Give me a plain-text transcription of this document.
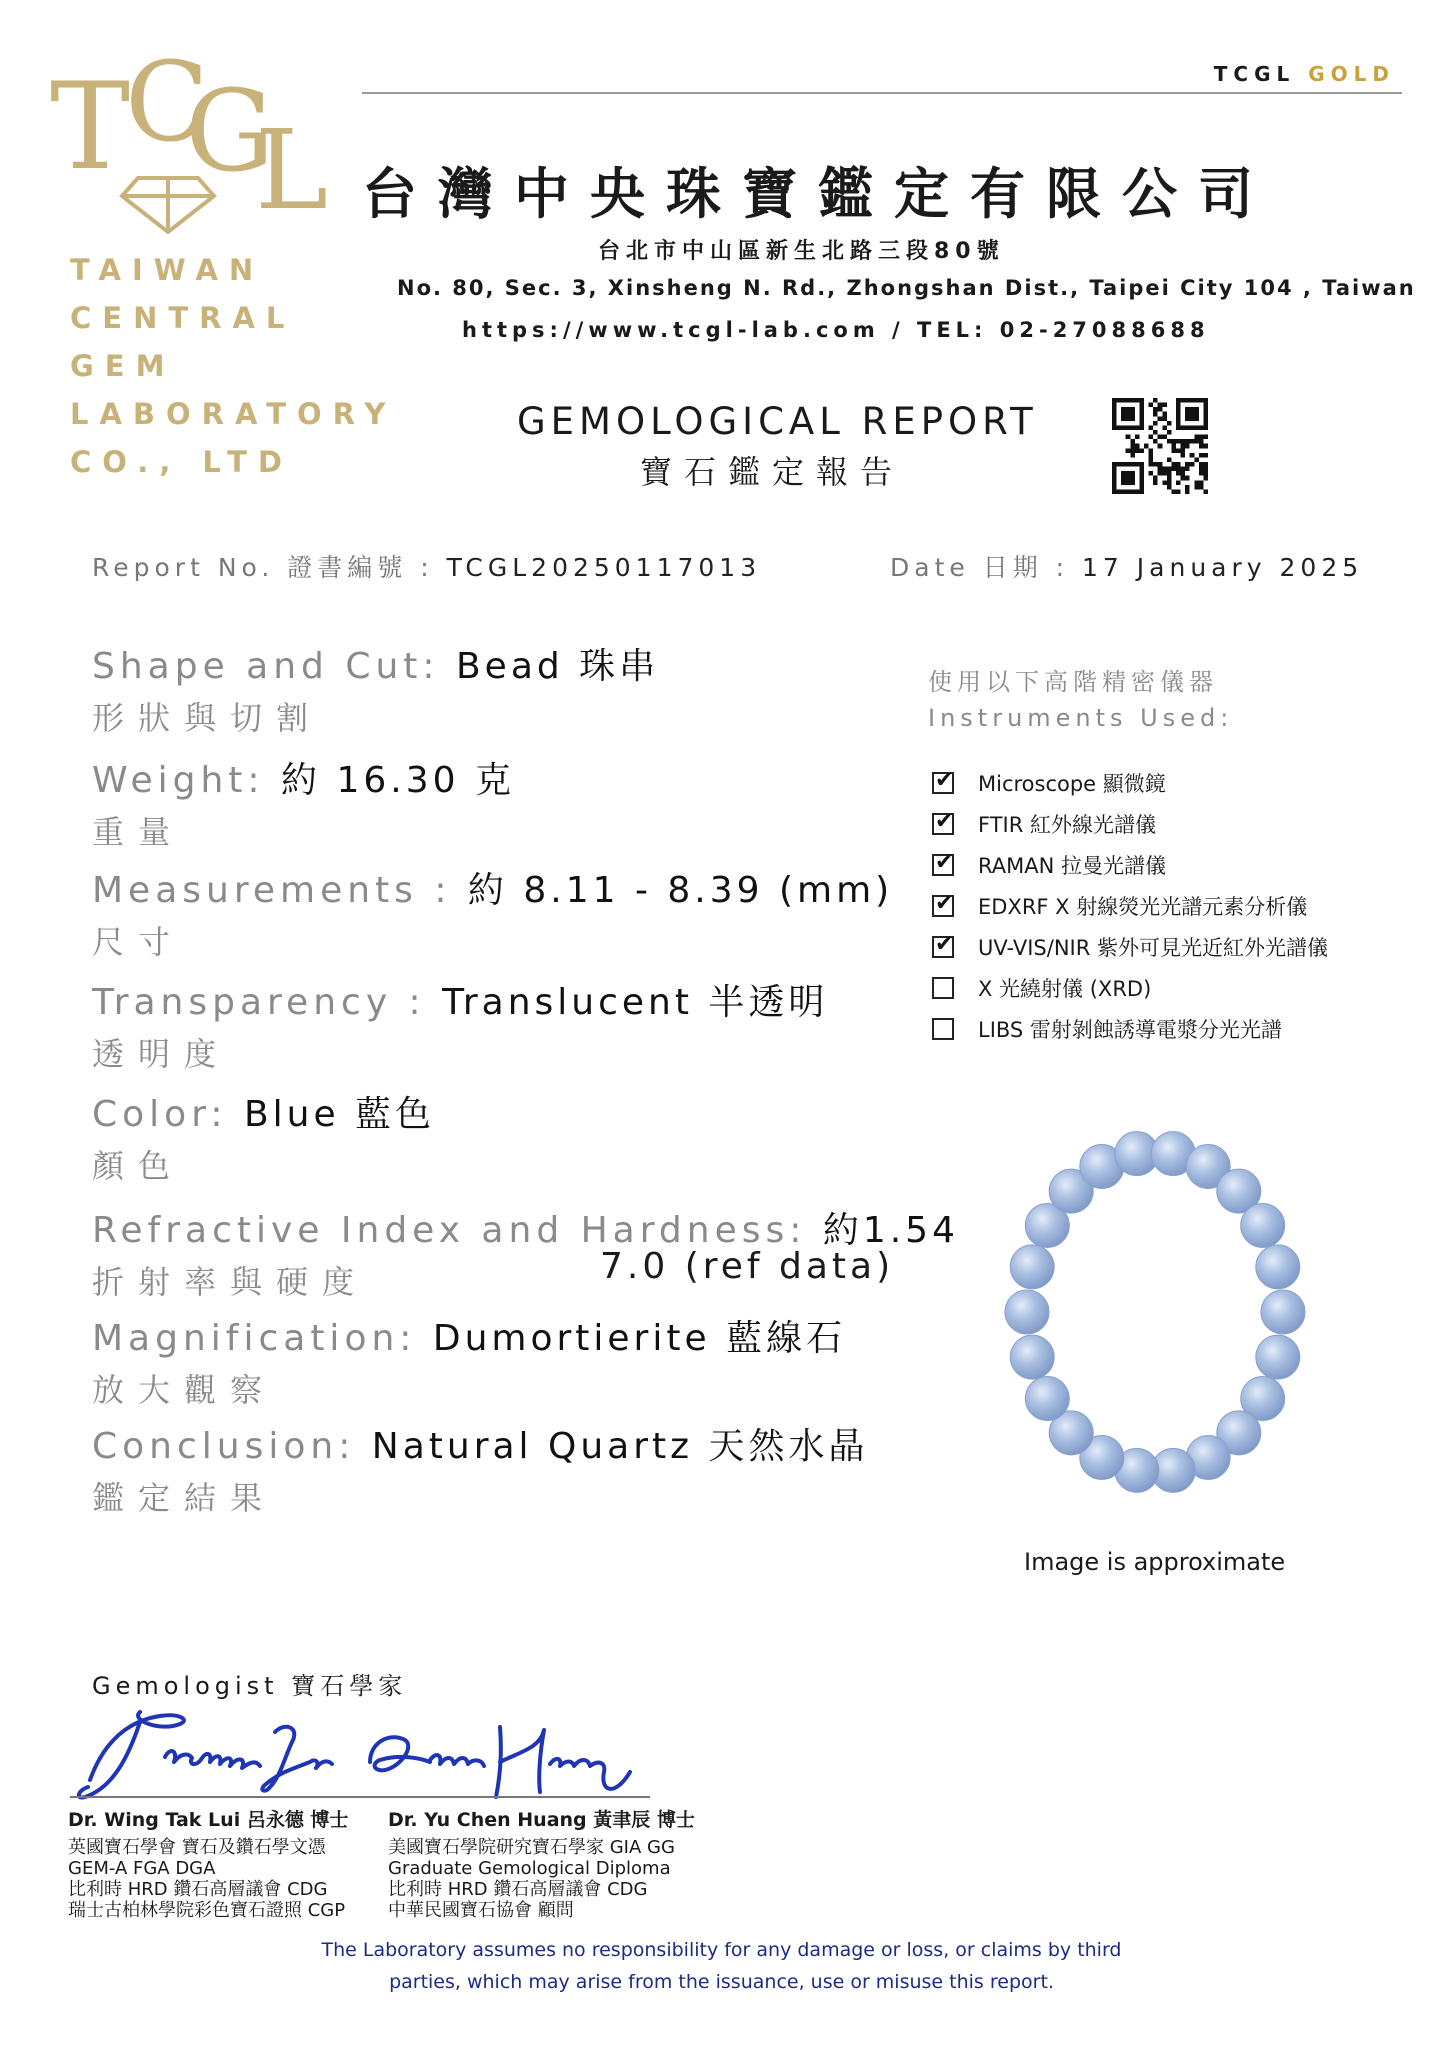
TCGL GOLD
T
C
G
L
TAIWAN
CENTRAL
GEM
LABORATORY
CO., LTD
台灣中央珠寶鑑定有限公司
台北市中山區新生北路三段80號
No. 80, Sec. 3, Xinsheng N. Rd., Zhongshan Dist., Taipei City 104 , Taiwan
https://www.tcgl-lab.com / TEL: 02-27088688
GEMOLOGICAL REPORT
寶石鑑定報告
Report No. 證書編號 : TCGL20250117013	Date 日期 : 17 January 2025
Shape and Cut: Bead 珠串
形狀與切割
Weight: 約 16.30 克
重量
Measurements : 約 8.11 - 8.39 (mm)
尺寸
Transparency : Translucent 半透明
透明度
Color: Blue 藍色
顏色
Refractive Index and Hardness: 約1.54
折射率與硬度	7.0 (ref data)
Magnification: Dumortierite 藍線石
放大觀察
Conclusion: Natural Quartz 天然水晶
鑑定結果
使用以下高階精密儀器
Instruments Used:
✔
Microscope 顯微鏡
✔
FTIR 紅外線光譜儀
✔
RAMAN 拉曼光譜儀
✔
EDXRF X 射線熒光光譜元素分析儀
✔
UV-VIS/NIR 紫外可見光近紅外光譜儀
X 光繞射儀 (XRD)
LIBS 雷射剝蝕誘導電漿分光光譜
Image is approximate
Gemologist 寶石學家
Dr. Wing Tak Lui 呂永德 博士
英國寶石學會 寶石及鑽石學文憑
GEM-A FGA DGA
比利時 HRD 鑽石高層議會 CDG
瑞士古柏林學院彩色寶石證照 CGP
Dr. Yu Chen Huang 黃聿辰 博士
美國寶石學院研究寶石學家 GIA GG
Graduate Gemological Diploma
比利時 HRD 鑽石高層議會 CDG
中華民國寶石協會 顧問
The Laboratory assumes no responsibility for any damage or loss, or claims by third
parties, which may arise from the issuance, use or misuse this report.
